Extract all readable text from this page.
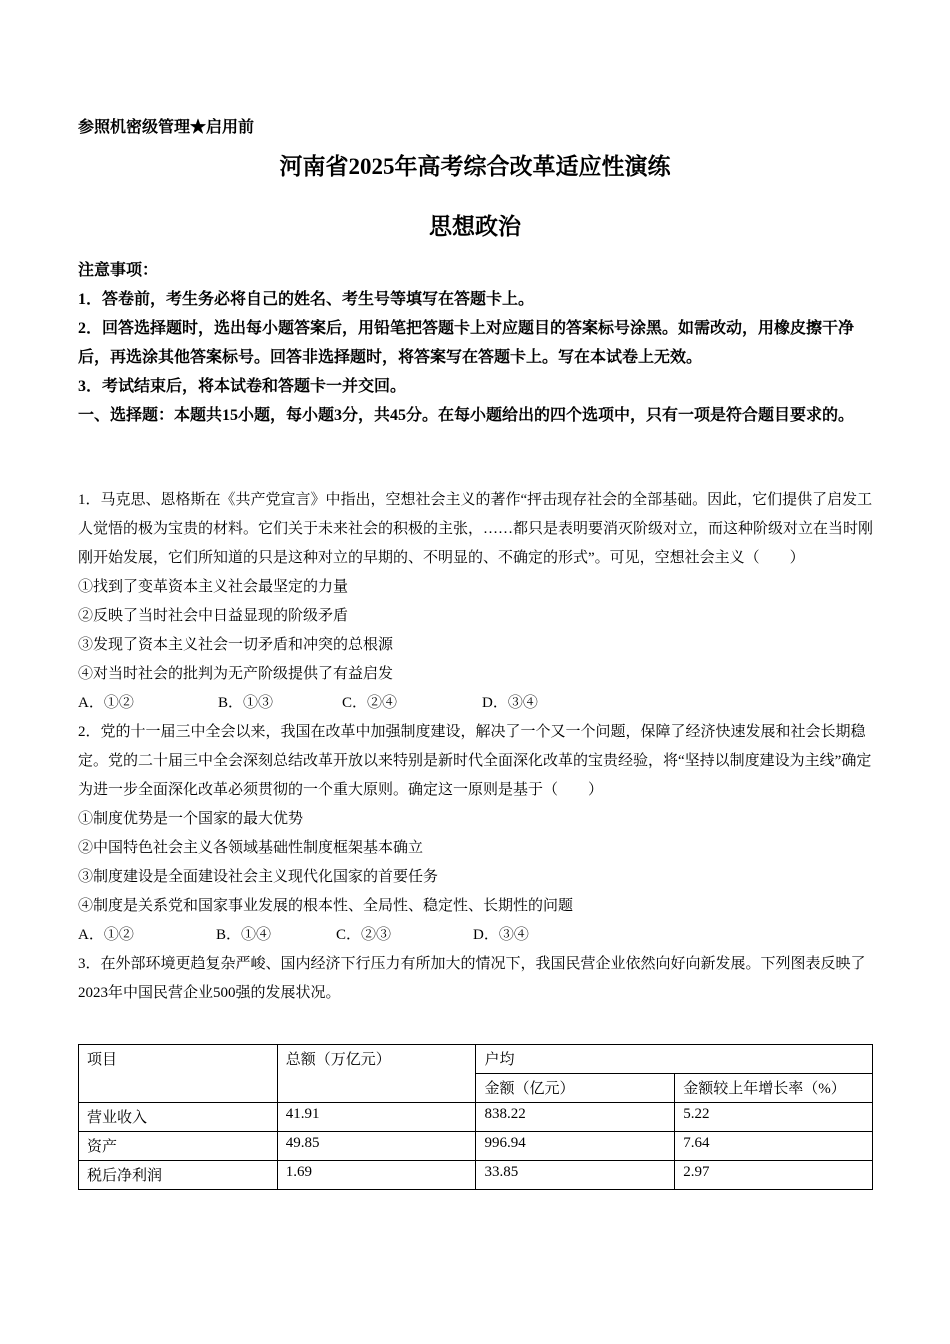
参照机密级管理★启用前
河南省2025年高考综合改革适应性演练
思想政治
注意事项：
1．答卷前，考生务必将自己的姓名、考生号等填写在答题卡上。
2．回答选择题时，选出每小题答案后，用铅笔把答题卡上对应题目的答案标号涂黑。如需改动，用橡皮擦干净后，再选涂其他答案标号。回答非选择题时，将答案写在答题卡上。写在本试卷上无效。
3．考试结束后，将本试卷和答题卡一并交回。
一、选择题：本题共15小题，每小题3分，共45分。在每小题给出的四个选项中，只有一项是符合题目要求的。

1．马克思、恩格斯在《共产党宣言》中指出，空想社会主义的著作“抨击现存社会的全部基础。因此，它们提供了启发工人觉悟的极为宝贵的材料。它们关于未来社会的积极的主张，……都只是表明要消灭阶级对立，而这种阶级对立在当时刚刚开始发展，它们所知道的只是这种对立的早期的、不明显的、不确定的形式”。可见，空想社会主义（　　）

①找到了变革资本主义社会最坚定的力量

②反映了当时社会中日益显现的阶级矛盾

③发现了资本主义社会一切矛盾和冲突的总根源

④对当时社会的批判为无产阶级提供了有益启发

A．①②	B．①③	C．②④	D．③④

2．党的十一届三中全会以来，我国在改革中加强制度建设，解决了一个又一个问题，保障了经济快速发展和社会长期稳定。党的二十届三中全会深刻总结改革开放以来特别是新时代全面深化改革的宝贵经验，将“坚持以制度建设为主线”确定为进一步全面深化改革必须贯彻的一个重大原则。确定这一原则是基于（　　）

①制度优势是一个国家的最大优势

②中国特色社会主义各领域基础性制度框架基本确立

③制度建设是全面建设社会主义现代化国家的首要任务

④制度是关系党和国家事业发展的根本性、全局性、稳定性、长期性的问题

A．①②	B．①④	C．②③	D．③④

3．在外部环境更趋复杂严峻、国内经济下行压力有所加大的情况下，我国民营企业依然向好向新发展。下列图表反映了2023年中国民营企业500强的发展状况。

项目	总额（万亿元）	户均	
		金额（亿元）	金额较上年增长率（%）
营业收入	41.91	838.22	5.22
资产	49.85	996.94	7.64
税后净利润	1.69	33.85	2.97
